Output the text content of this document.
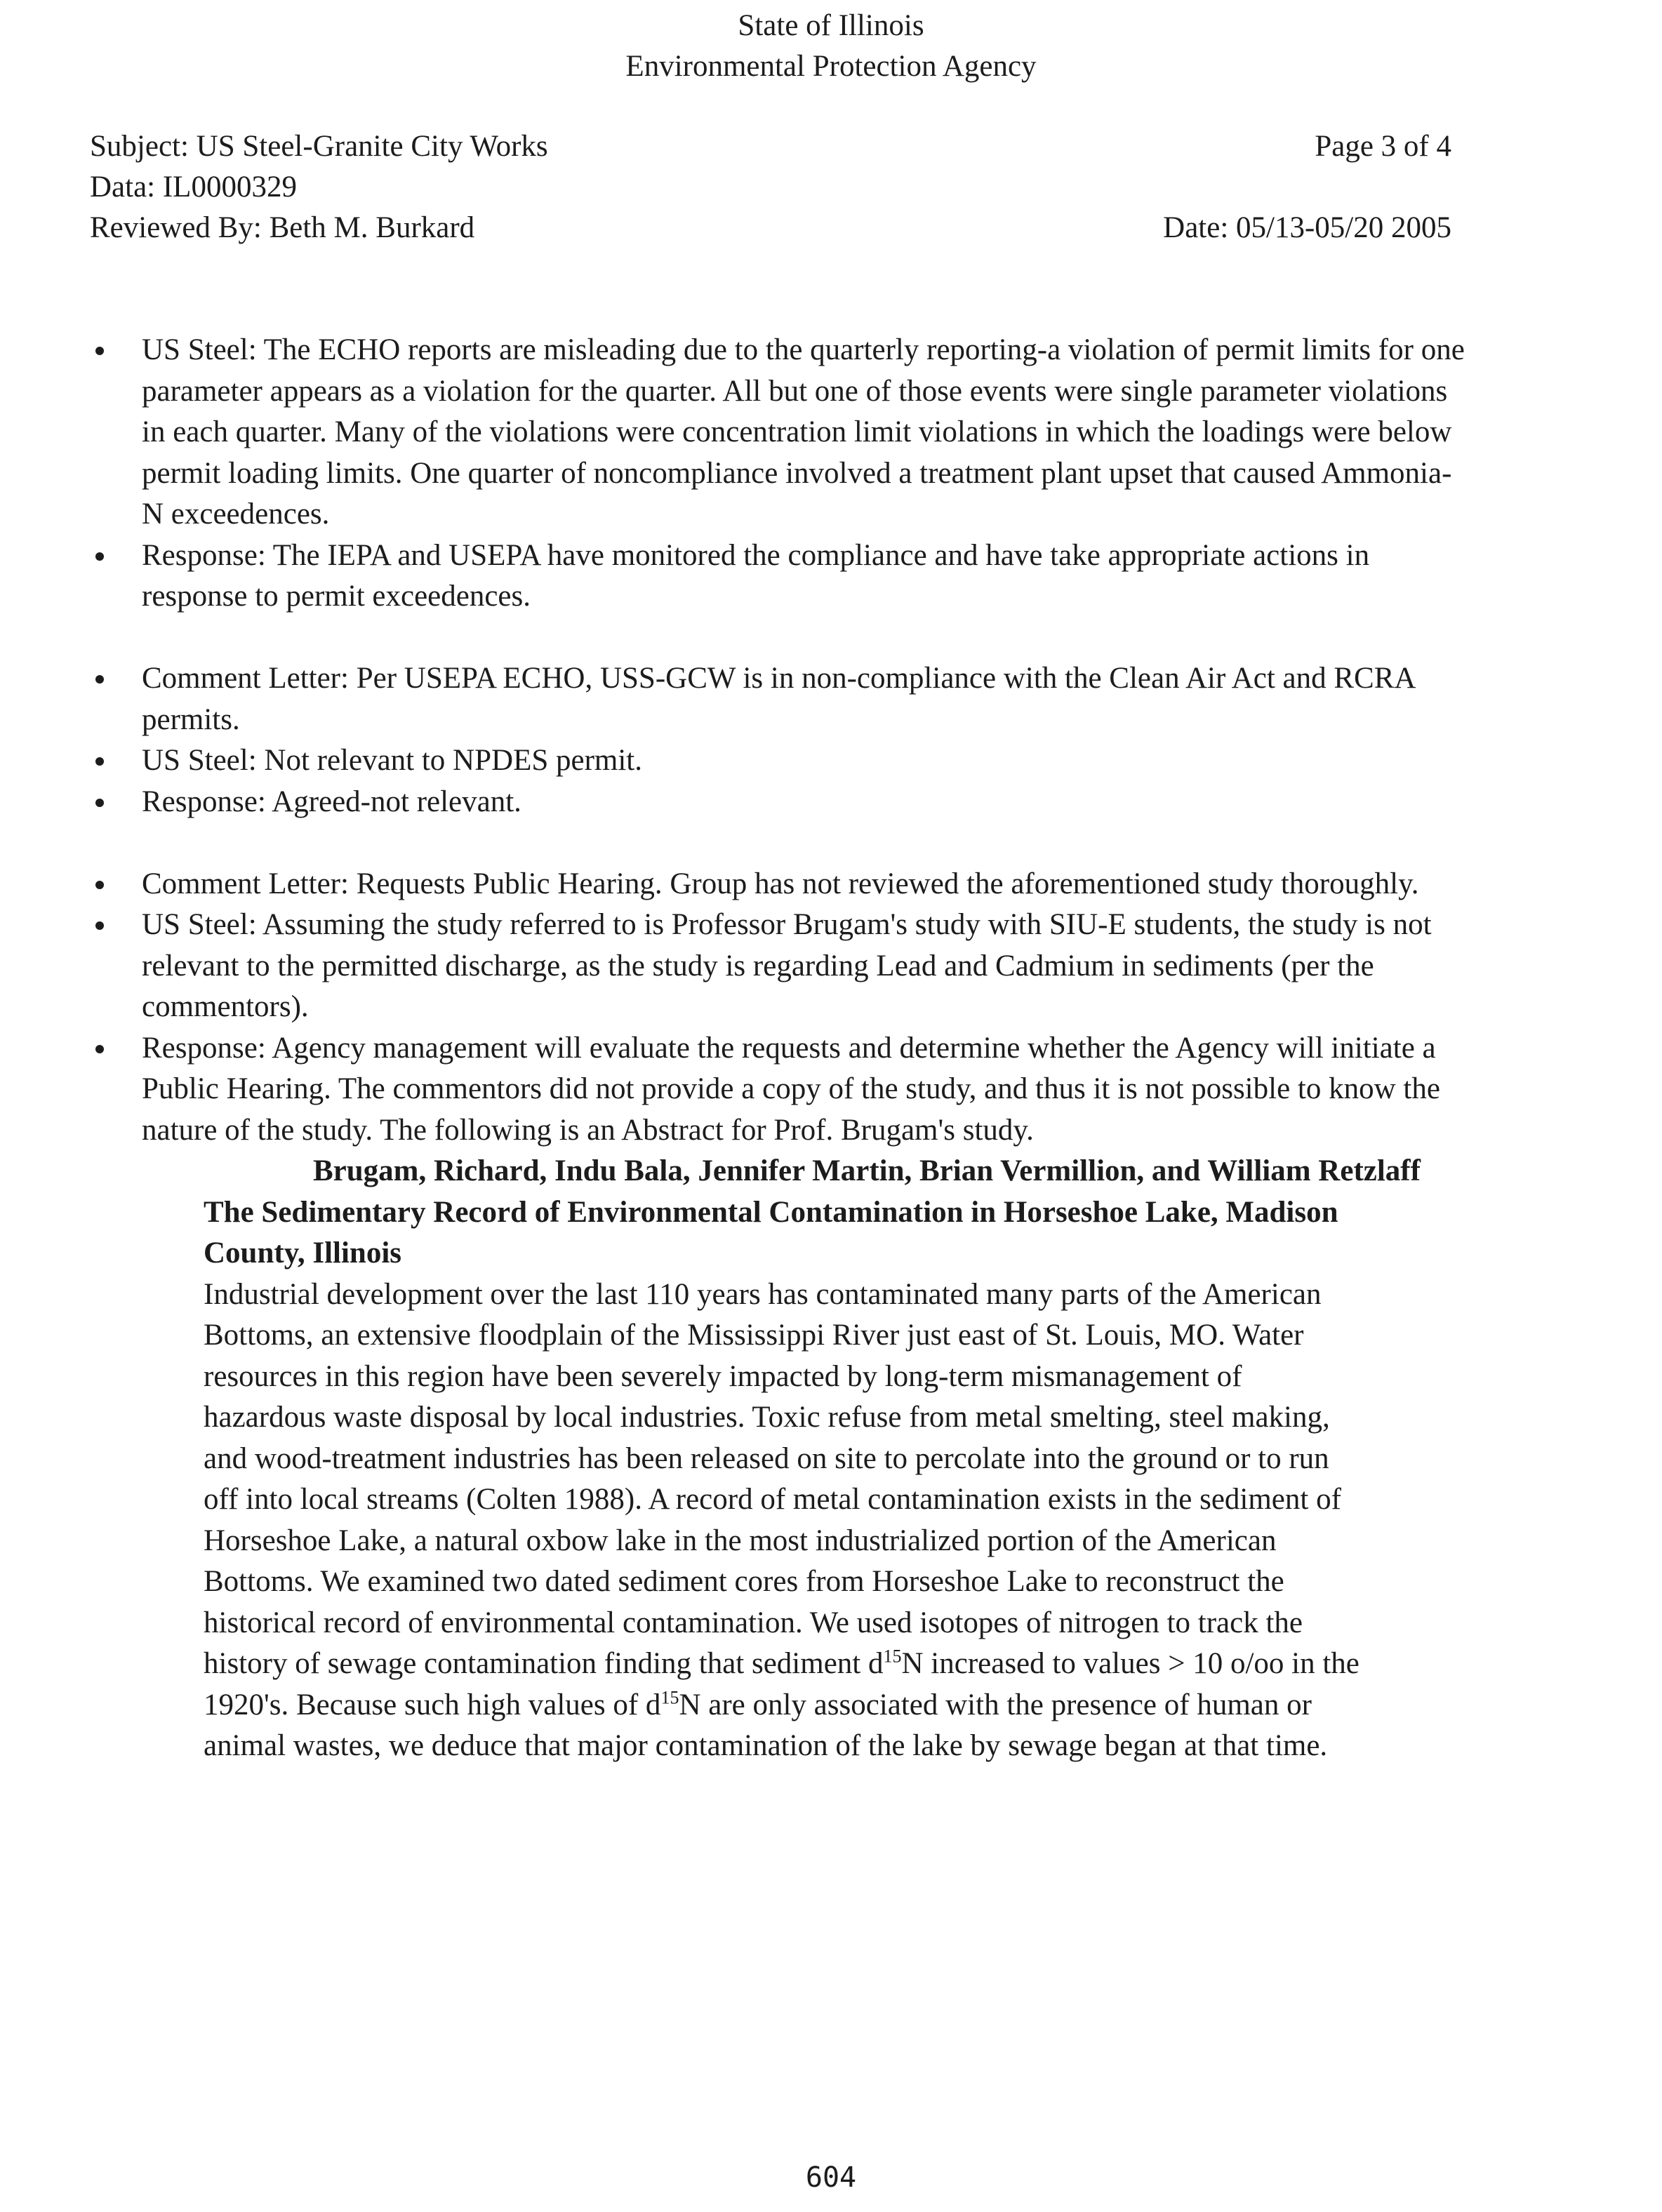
State of Illinois
Environmental Protection Agency
Subject: US Steel-Granite City Works
Data: IL0000329
Reviewed By: Beth M. Burkard
Page 3 of 4
Date: 05/13-05/20 2005
US Steel: The ECHO reports are misleading due to the quarterly reporting-a violation of permit limits for one parameter appears as a violation for the quarter. All but one of those events were single parameter violations in each quarter. Many of the violations were concentration limit violations in which the loadings were below permit loading limits. One quarter of noncompliance involved a treatment plant upset that caused Ammonia-N exceedences.
Response: The IEPA and USEPA have monitored the compliance and have take appropriate actions in response to permit exceedences.
Comment Letter: Per USEPA ECHO, USS-GCW is in non-compliance with the Clean Air Act and RCRA permits.
US Steel: Not relevant to NPDES permit.
Response: Agreed-not relevant.
Comment Letter: Requests Public Hearing. Group has not reviewed the aforementioned study thoroughly.
US Steel: Assuming the study referred to is Professor Brugam's study with SIU-E students, the study is not relevant to the permitted discharge, as the study is regarding Lead and Cadmium in sediments (per the commentors).
Response: Agency management will evaluate the requests and determine whether the Agency will initiate a Public Hearing. The commentors did not provide a copy of the study, and thus it is not possible to know the nature of the study. The following is an Abstract for Prof. Brugam's study.
Brugam, Richard, Indu Bala, Jennifer Martin, Brian Vermillion, and William Retzlaff
The Sedimentary Record of Environmental Contamination in Horseshoe Lake, Madison County, Illinois

Industrial development over the last 110 years has contaminated many parts of the American Bottoms, an extensive floodplain of the Mississippi River just east of St. Louis, MO. Water resources in this region have been severely impacted by long-term mismanagement of hazardous waste disposal by local industries. Toxic refuse from metal smelting, steel making, and wood-treatment industries has been released on site to percolate into the ground or to run off into local streams (Colten 1988). A record of metal contamination exists in the sediment of Horseshoe Lake, a natural oxbow lake in the most industrialized portion of the American Bottoms. We examined two dated sediment cores from Horseshoe Lake to reconstruct the historical record of environmental contamination. We used isotopes of nitrogen to track the history of sewage contamination finding that sediment $d^{15}N$ increased to values > 10 o/oo in the 1920's. Because such high values of $d^{15}N$ are only associated with the presence of human or animal wastes, we deduce that major contamination of the lake by sewage began at that time.

604
